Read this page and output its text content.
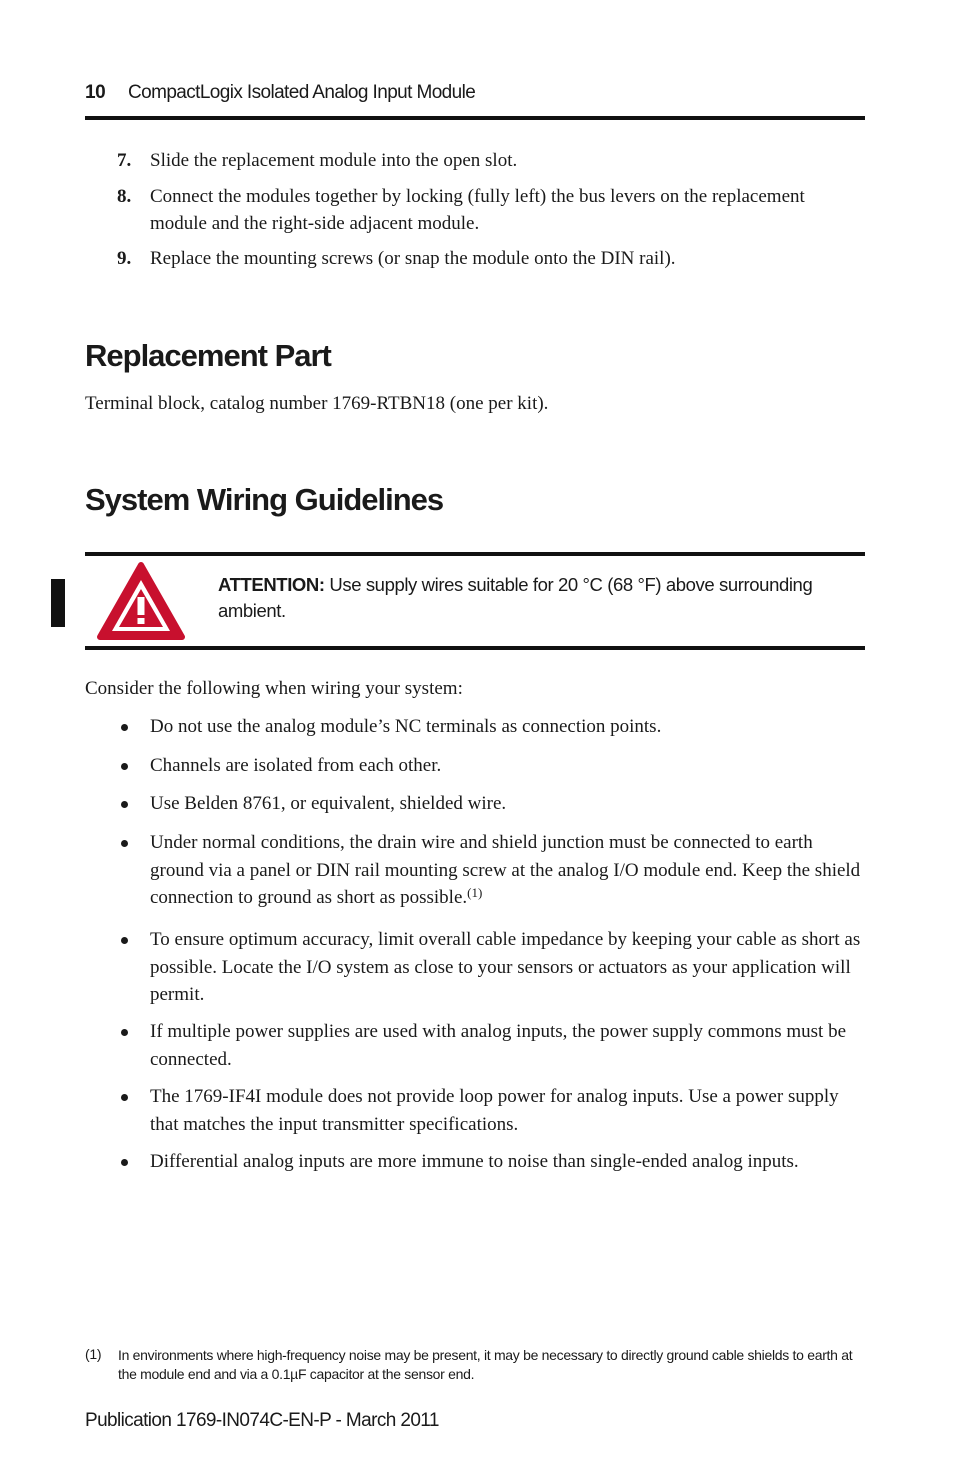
10 CompactLogix Isolated Analog Input Module
7. Slide the replacement module into the open slot.
8. Connect the modules together by locking (fully left) the bus levers on the replacement module and the right-side adjacent module.
9. Replace the mounting screws (or snap the module onto the DIN rail).
Replacement Part
Terminal block, catalog number 1769-RTBN18 (one per kit).
System Wiring Guidelines
ATTENTION: Use supply wires suitable for 20 °C (68 °F) above surrounding ambient.
Consider the following when wiring your system:
Do not use the analog module’s NC terminals as connection points.
Channels are isolated from each other.
Use Belden 8761, or equivalent, shielded wire.
Under normal conditions, the drain wire and shield junction must be connected to earth ground via a panel or DIN rail mounting screw at the analog I/O module end. Keep the shield connection to ground as short as possible.$^{(1)}$
To ensure optimum accuracy, limit overall cable impedance by keeping your cable as short as possible. Locate the I/O system as close to your sensors or actuators as your application will permit.
If multiple power supplies are used with analog inputs, the power supply commons must be connected.
The 1769-IF4I module does not provide loop power for analog inputs. Use a power supply that matches the input transmitter specifications.
Differential analog inputs are more immune to noise than single-ended analog inputs.
(1) In environments where high-frequency noise may be present, it may be necessary to directly ground cable shields to earth at the module end and via a 0.1µF capacitor at the sensor end.
Publication 1769-IN074C-EN-P - March 2011
